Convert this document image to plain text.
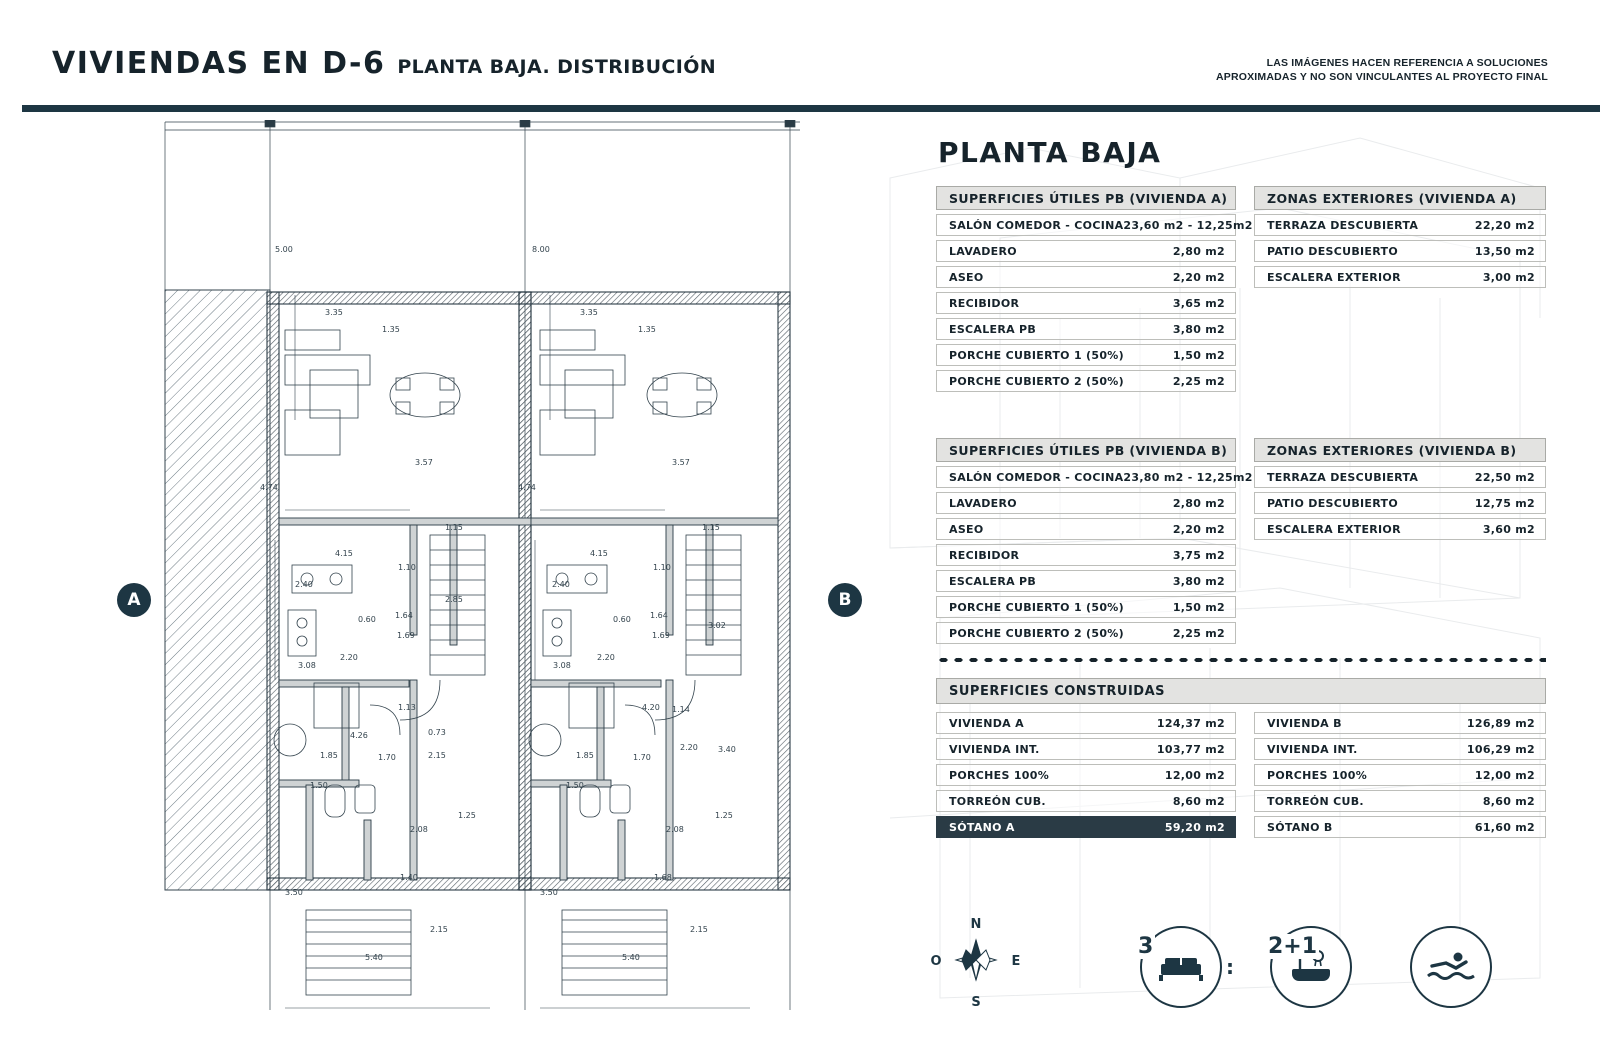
VIVIENDAS EN D-6 PLANTA BAJA. DISTRIBUCIÓN	LAS IMÁGENES HACEN REFERENCIA A SOLUCIONES
APROXIMADAS Y NO SON VINCULANTES AL PROYECTO FINAL
5.00	8.00
3.35
1.35
3.35
1.35
4.74
3.57	3.57
4.74
1.15	1.15
4.15
1.10
4.15
1.10
2.40	2.40
1.64
0.60	1.64
0.60
1.69	1.69
3.08
2.20
3.08
2.20
2.85
1.13
4.26
4.20 1.14
1.85	1.70	2.15	1.85	1.70
2.20	3.40
1.50	1.50
1.25	1.25
2.08	2.08
1.40	1.68
3.50	3.50
2.15	2.15
5.40	5.40
3.02
0.73
A	B
PLANTA BAJA
SUPERFICIES ÚTILES PB (VIVIENDA A)
SALÓN COMEDOR - COCINA 23,60 m2 - 12,25m2
LAVADERO	2,80 m2
ASEO	2,20 m2
RECIBIDOR	3,65 m2
ESCALERA PB	3,80 m2
PORCHE CUBIERTO 1 (50%)	1,50 m2
PORCHE CUBIERTO 2 (50%)	2,25 m2
ZONAS EXTERIORES (VIVIENDA A)
TERRAZA DESCUBIERTA	22,20 m2
PATIO DESCUBIERTO	13,50 m2
ESCALERA EXTERIOR	3,00 m2
SUPERFICIES ÚTILES PB (VIVIENDA B)
SALÓN COMEDOR - COCINA 23,80 m2 - 12,25m2
LAVADERO	2,80 m2
ASEO	2,20 m2
RECIBIDOR	3,75 m2
ESCALERA PB	3,80 m2
PORCHE CUBIERTO 1 (50%)	1,50 m2
PORCHE CUBIERTO 2 (50%)	2,25 m2
ZONAS EXTERIORES (VIVIENDA B)
TERRAZA DESCUBIERTA	22,50 m2
PATIO DESCUBIERTO	12,75 m2
ESCALERA EXTERIOR	3,60 m2
SUPERFICIES CONSTRUIDAS
VIVIENDA A	124,37 m2
VIVIENDA INT.	103,77 m2
PORCHES 100%	12,00 m2
TORREÓN CUB.	8,60 m2
SÓTANO A	59,20 m2
VIVIENDA B	126,89 m2
VIVIENDA INT.	106,29 m2
PORCHES 100%	12,00 m2
TORREÓN CUB.	8,60 m2
SÓTANO B	61,60 m2
N
S
E
O
3
:
2+1
